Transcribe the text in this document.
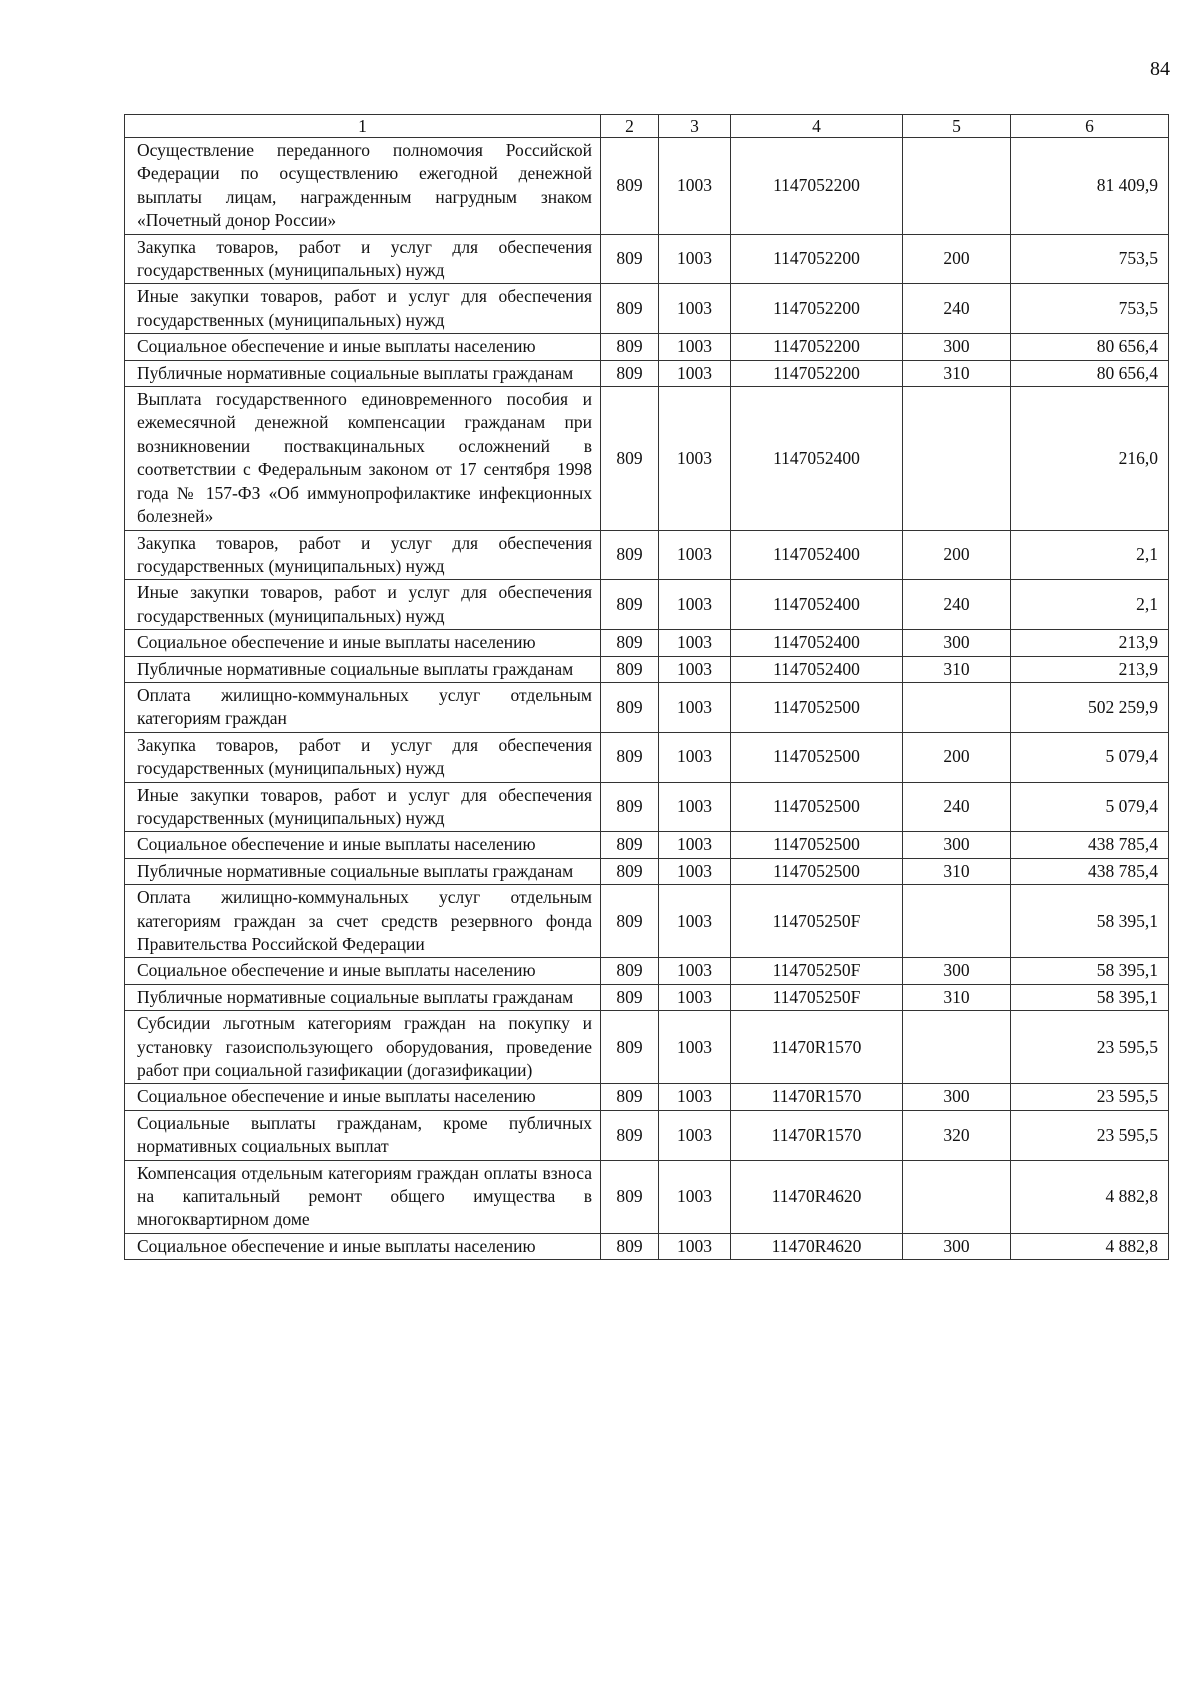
84
1	2	3	4	5	6
Осуществление переданного полномочия Российской Федерации по осуществлению ежегодной денежной выплаты лицам, награжденным нагрудным знаком «Почетный донор России»	809	1003	1147052200		81 409,9
Закупка товаров, работ и услуг для обеспечения государственных (муниципальных) нужд	809	1003	1147052200	200	753,5
Иные закупки товаров, работ и услуг для обеспечения государственных (муниципальных) нужд	809	1003	1147052200	240	753,5
Социальное обеспечение и иные выплаты населению	809	1003	1147052200	300	80 656,4
Публичные нормативные социальные выплаты гражданам	809	1003	1147052200	310	80 656,4
Выплата государственного единовременного пособия и ежемесячной денежной компенсации гражданам при возникновении поствакцинальных осложнений в соответствии с Федеральным законом от 17 сентября 1998 года № 157-ФЗ «Об иммунопрофилактике инфекционных болезней»	809	1003	1147052400		216,0
Закупка товаров, работ и услуг для обеспечения государственных (муниципальных) нужд	809	1003	1147052400	200	2,1
Иные закупки товаров, работ и услуг для обеспечения государственных (муниципальных) нужд	809	1003	1147052400	240	2,1
Социальное обеспечение и иные выплаты населению	809	1003	1147052400	300	213,9
Публичные нормативные социальные выплаты гражданам	809	1003	1147052400	310	213,9
Оплата жилищно-коммунальных услуг отдельным категориям граждан	809	1003	1147052500		502 259,9
Закупка товаров, работ и услуг для обеспечения государственных (муниципальных) нужд	809	1003	1147052500	200	5 079,4
Иные закупки товаров, работ и услуг для обеспечения государственных (муниципальных) нужд	809	1003	1147052500	240	5 079,4
Социальное обеспечение и иные выплаты населению	809	1003	1147052500	300	438 785,4
Публичные нормативные социальные выплаты гражданам	809	1003	1147052500	310	438 785,4
Оплата жилищно-коммунальных услуг отдельным категориям граждан за счет средств резервного фонда Правительства Российской Федерации	809	1003	114705250F		58 395,1
Социальное обеспечение и иные выплаты населению	809	1003	114705250F	300	58 395,1
Публичные нормативные социальные выплаты гражданам	809	1003	114705250F	310	58 395,1
Субсидии льготным категориям граждан на покупку и установку газоиспользующего оборудования, проведение работ при социальной газификации (догазификации)	809	1003	11470R1570		23 595,5
Социальное обеспечение и иные выплаты населению	809	1003	11470R1570	300	23 595,5
Социальные выплаты гражданам, кроме публичных нормативных социальных выплат	809	1003	11470R1570	320	23 595,5
Компенсация отдельным категориям граждан оплаты взноса на капитальный ремонт общего имущества в многоквартирном доме	809	1003	11470R4620		4 882,8
Социальное обеспечение и иные выплаты населению	809	1003	11470R4620	300	4 882,8
